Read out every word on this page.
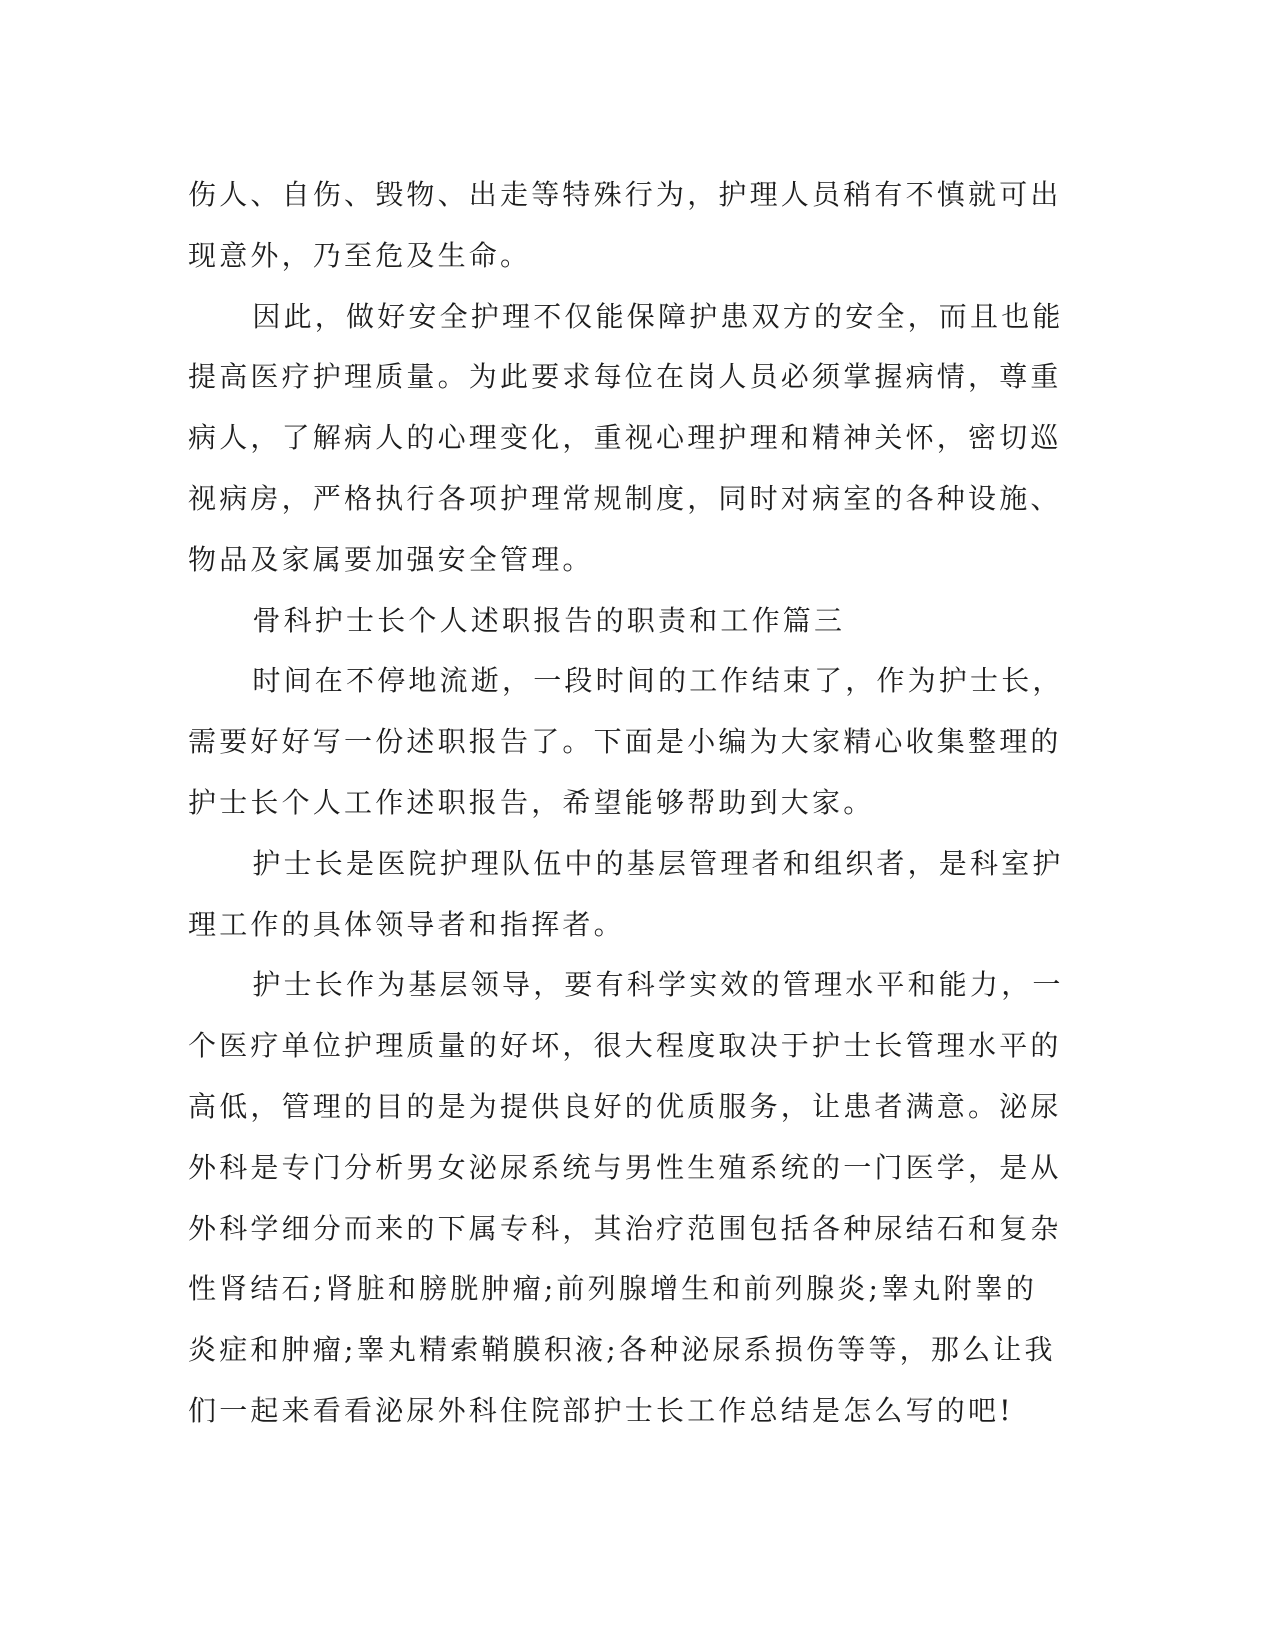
伤人、自伤、毁物、出走等特殊行为，护理人员稍有不慎就可出现意外，乃至危及生命。

因此，做好安全护理不仅能保障护患双方的安全，而且也能提高医疗护理质量。为此要求每位在岗人员必须掌握病情，尊重病人，了解病人的心理变化，重视心理护理和精神关怀，密切巡视病房，严格执行各项护理常规制度，同时对病室的各种设施、物品及家属要加强安全管理。

骨科护士长个人述职报告的职责和工作篇三

时间在不停地流逝，一段时间的工作结束了，作为护士长，需要好好写一份述职报告了。下面是小编为大家精心收集整理的护士长个人工作述职报告，希望能够帮助到大家。

护士长是医院护理队伍中的基层管理者和组织者，是科室护理工作的具体领导者和指挥者。

护士长作为基层领导，要有科学实效的管理水平和能力，一个医疗单位护理质量的好坏，很大程度取决于护士长管理水平的高低，管理的目的是为提供良好的优质服务，让患者满意。泌尿外科是专门分析男女泌尿系统与男性生殖系统的一门医学，是从外科学细分而来的下属专科，其治疗范围包括各种尿结石和复杂性肾结石;肾脏和膀胱肿瘤;前列腺增生和前列腺炎;睾丸附睾的炎症和肿瘤;睾丸精索鞘膜积液;各种泌尿系损伤等等，那么让我们一起来看看泌尿外科住院部护士长工作总结是怎么写的吧!
